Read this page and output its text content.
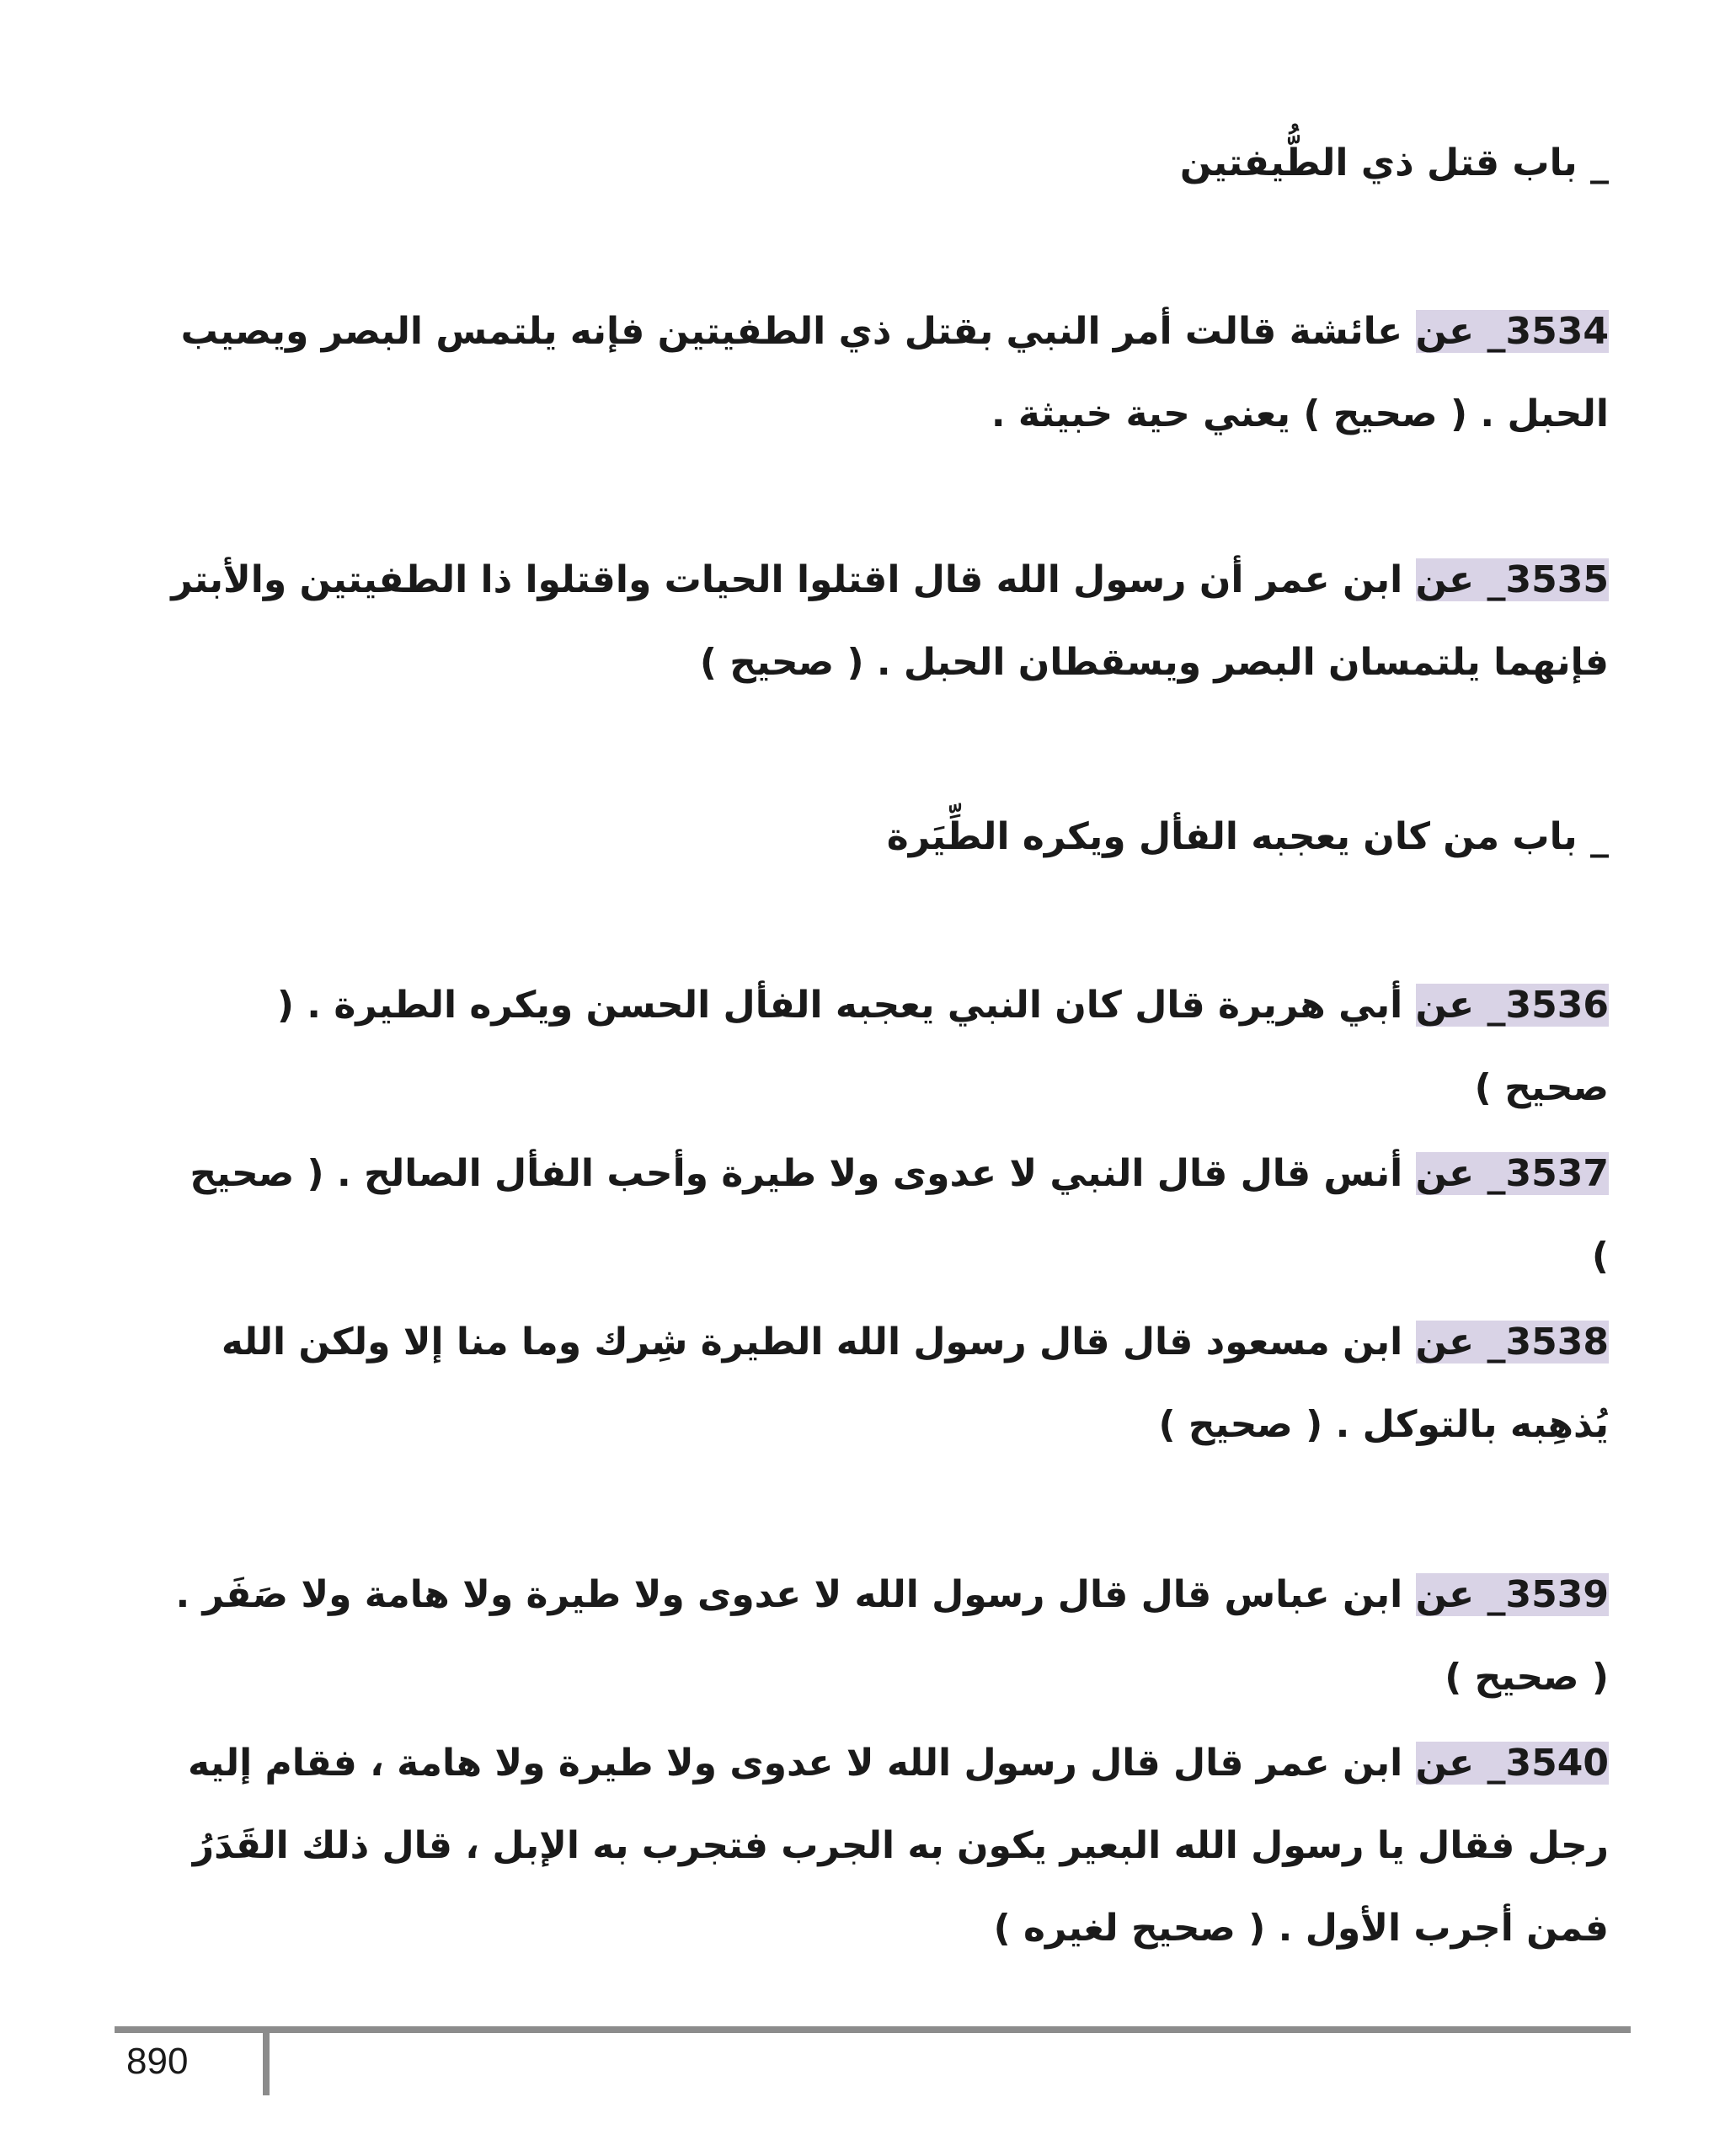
_ باب قتل ذي الطُّيفتين
3534_ عن عائشة قالت أمر النبي بقتل ذي الطفيتين فإنه يلتمس البصر ويصيب الحبل . ( صحيح ) يعني حية خبيثة .
3535_ عن ابن عمر أن رسول الله قال اقتلوا الحيات واقتلوا ذا الطفيتين والأبتر فإنهما يلتمسان البصر ويسقطان الحبل . ( صحيح )
_ باب من كان يعجبه الفأل ويكره الطِّيَرة
3536_ عن أبي هريرة قال كان النبي يعجبه الفأل الحسن ويكره الطيرة . ( صحيح )
3537_ عن أنس قال قال النبي لا عدوى ولا طيرة وأحب الفأل الصالح . ( صحيح )
3538_ عن ابن مسعود قال قال رسول الله الطيرة شِرك وما منا إلا ولكن الله يُذهِبه بالتوكل . ( صحيح )
3539_ عن ابن عباس قال قال رسول الله لا عدوى ولا طيرة ولا هامة ولا صَفَر . ( صحيح )
3540_ عن ابن عمر قال قال رسول الله لا عدوى ولا طيرة ولا هامة ، فقام إليه رجل فقال يا رسول الله البعير يكون به الجرب فتجرب به الإبل ، قال ذلك القَدَرُ فمن أجرب الأول . ( صحيح لغيره )
890
